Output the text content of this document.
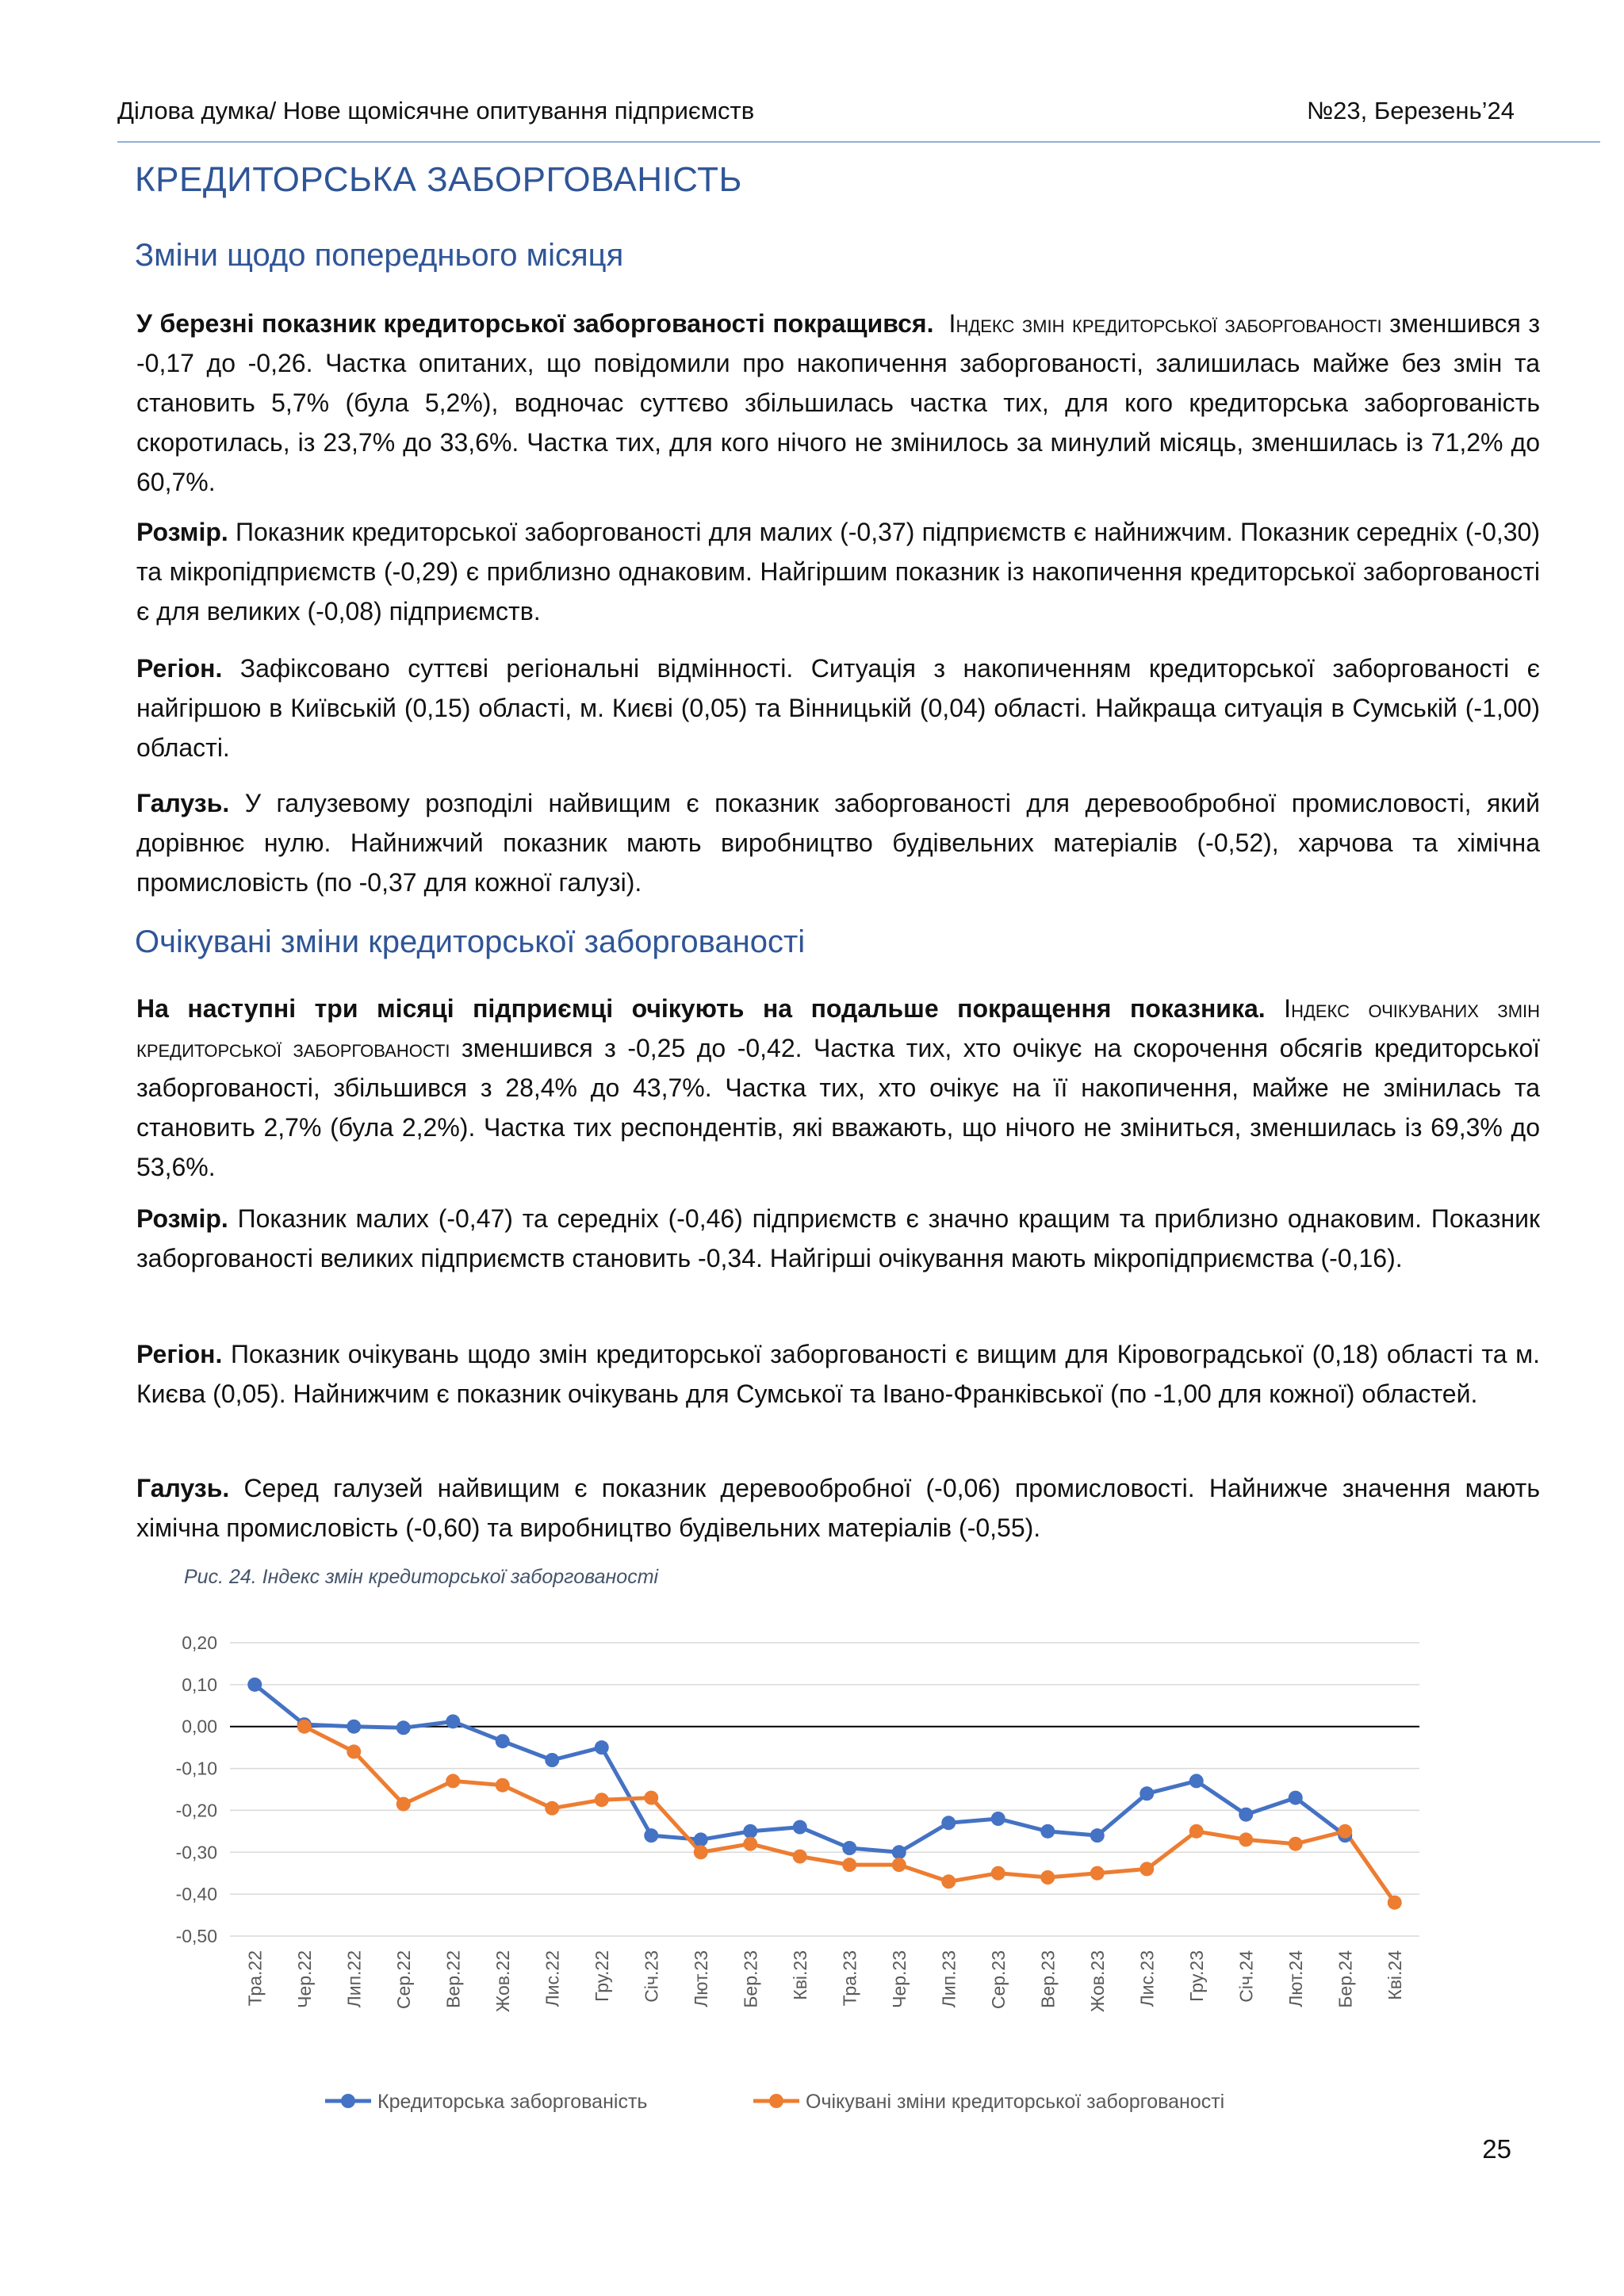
Ділова думка/ Нове щомісячне опитування підприємств	№23, Березень’24
КРЕДИТОРСЬКА ЗАБОРГОВАНІСТЬ
Зміни щодо попереднього місяця
У березні показник кредиторської заборгованості покращився. Індекс змін кредиторської заборгованості зменшився з -0,17 до -0,26. Частка опитаних, що повідомили про накопичення заборгованості, залишилась майже без змін та становить 5,7% (була 5,2%), водночас суттєво збільшилась частка тих, для кого кредиторська заборгованість скоротилась, із 23,7% до 33,6%. Частка тих, для кого нічого не змінилось за минулий місяць, зменшилась із 71,2% до 60,7%.
Розмір. Показник кредиторської заборгованості для малих (-0,37) підприємств є найнижчим. Показник середніх (-0,30) та мікропідприємств (-0,29) є приблизно однаковим. Найгіршим показник із накопичення кредиторської заборгованості є для великих (-0,08) підприємств.
Регіон. Зафіксовано суттєві регіональні відмінності. Ситуація з накопиченням кредиторської заборгованості є найгіршою в Київській (0,15) області, м. Києві (0,05) та Вінницькій (0,04) області. Найкраща ситуація в Сумській (-1,00) області.
Галузь. У галузевому розподілі найвищим є показник заборгованості для деревообробної промисловості, який дорівнює нулю. Найнижчий показник мають виробництво будівельних матеріалів (-0,52), харчова та хімічна промисловість (по -0,37 для кожної галузі).
Очікувані зміни кредиторської заборгованості
На наступні три місяці підприємці очікують на подальше покращення показника. Індекс очікуваних змін кредиторської заборгованості зменшився з -0,25 до -0,42. Частка тих, хто очікує на скорочення обсягів кредиторської заборгованості, збільшився з 28,4% до 43,7%. Частка тих, хто очікує на її накопичення, майже не змінилась та становить 2,7% (була 2,2%). Частка тих респондентів, які вважають, що нічого не зміниться, зменшилась із 69,3% до 53,6%.
Розмір. Показник малих (-0,47) та середніх (-0,46) підприємств є значно кращим та приблизно однаковим. Показник заборгованості великих підприємств становить -0,34. Найгірші очікування мають мікропідприємства (-0,16).
Регіон. Показник очікувань щодо змін кредиторської заборгованості є вищим для Кіровоградської (0,18) області та м. Києва (0,05). Найнижчим є показник очікувань для Сумської та Івано-Франківської (по -1,00 для кожної) областей.
Галузь. Серед галузей найвищим є показник деревообробної (-0,06) промисловості. Найнижче значення мають хімічна промисловість (-0,60) та виробництво будівельних матеріалів (-0,55).
Рис. 24. Індекс змін кредиторської заборгованості
0,20
0,10
0,00
-0,10
-0,20
-0,30
-0,40
-0,50
Тра.22 Чер.22 Лип.22 Сер.22 Вер.22 Жов.22 Лис.22 Гру.22 Січ.23 Лют.23 Бер.23 Кві.23 Тра.23 Чер.23 Лип.23 Сер.23 Вер.23 Жов.23 Лис.23 Гру.23 Січ.24 Лют.24 Бер.24 Кві.24
Кредиторська заборгованість	Очікувані зміни кредиторської заборгованості
25
